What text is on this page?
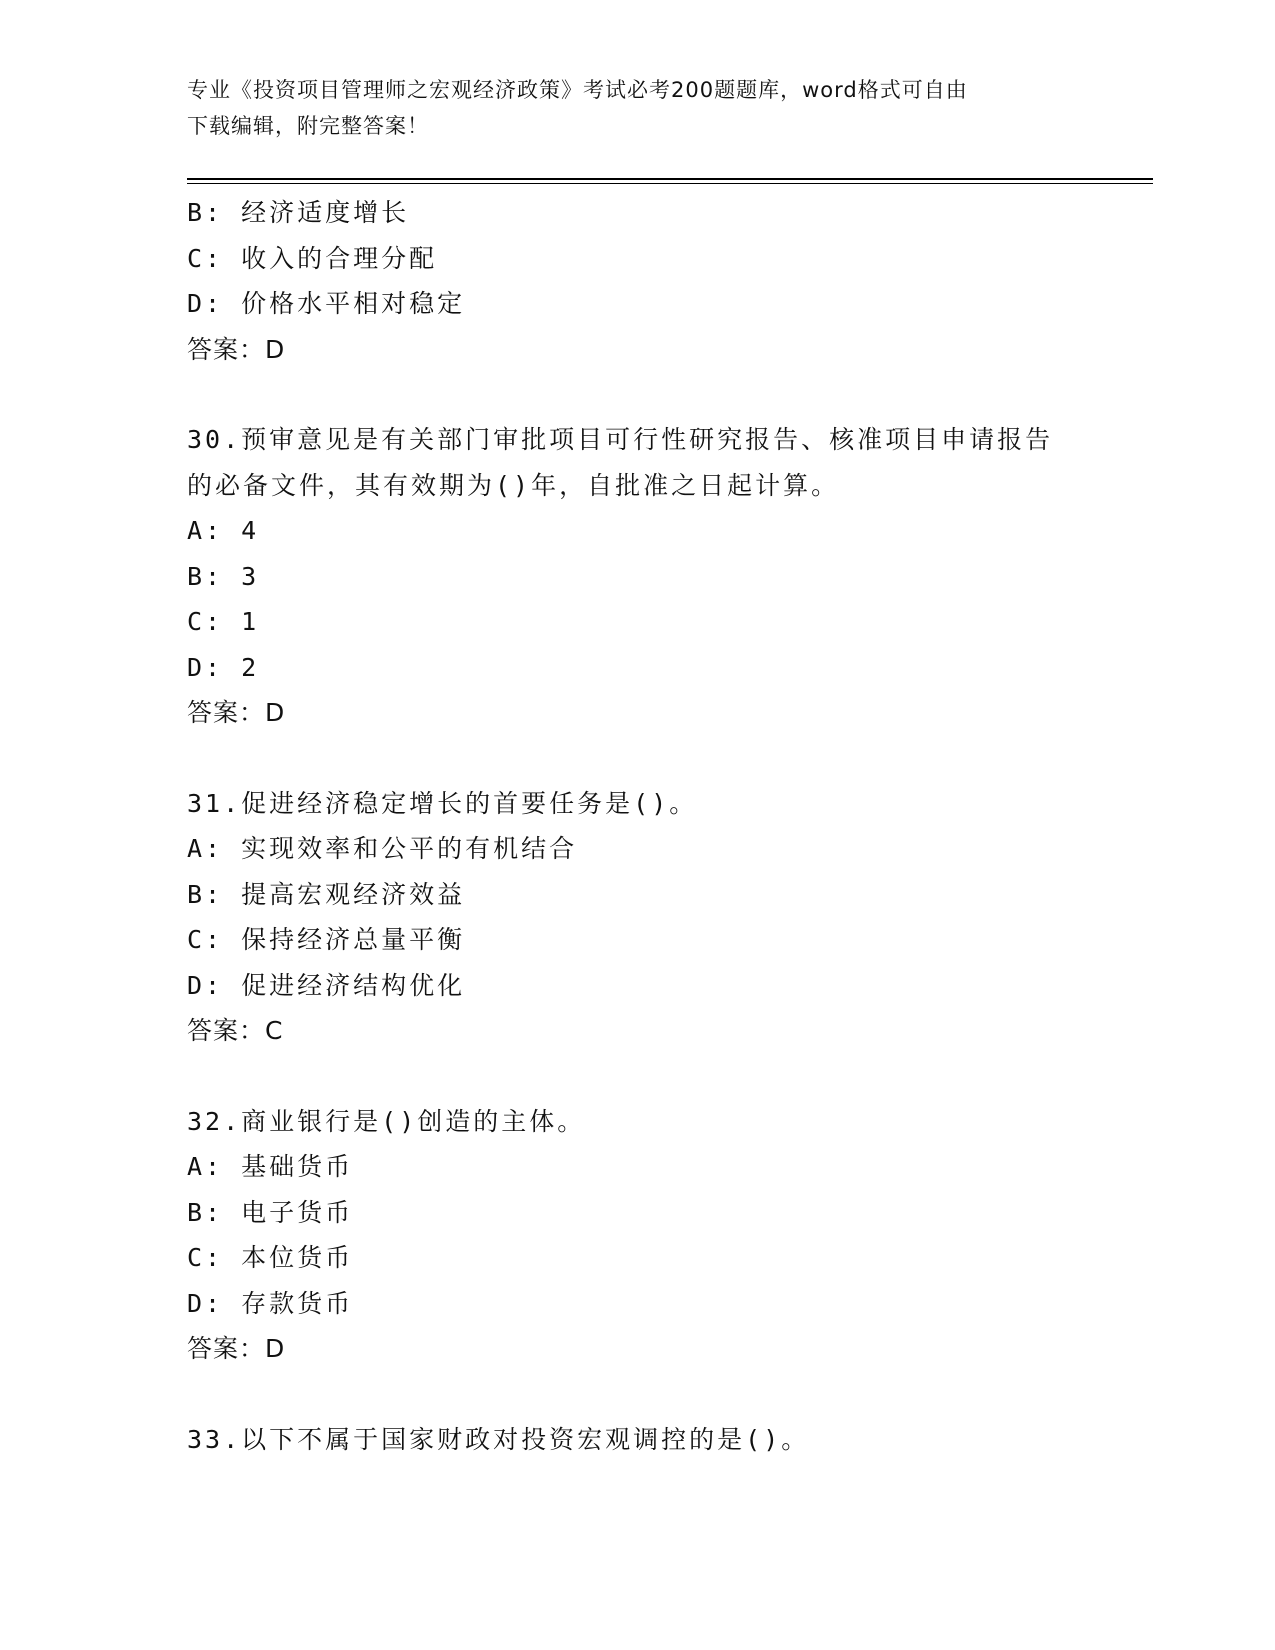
专业《投资项目管理师之宏观经济政策》考试必考200题题库，word格式可自由
下载编辑，附完整答案！
B: 经济适度增长
C: 收入的合理分配
D: 价格水平相对稳定
答案：D
30.预审意见是有关部门审批项目可行性研究报告、核准项目申请报告
的必备文件，其有效期为()年，自批准之日起计算。
A: 4
B: 3
C: 1
D: 2
答案：D
31.促进经济稳定增长的首要任务是()。
A: 实现效率和公平的有机结合
B: 提高宏观经济效益
C: 保持经济总量平衡
D: 促进经济结构优化
答案：C
32.商业银行是()创造的主体。
A: 基础货币
B: 电子货币
C: 本位货币
D: 存款货币
答案：D
33.以下不属于国家财政对投资宏观调控的是()。
